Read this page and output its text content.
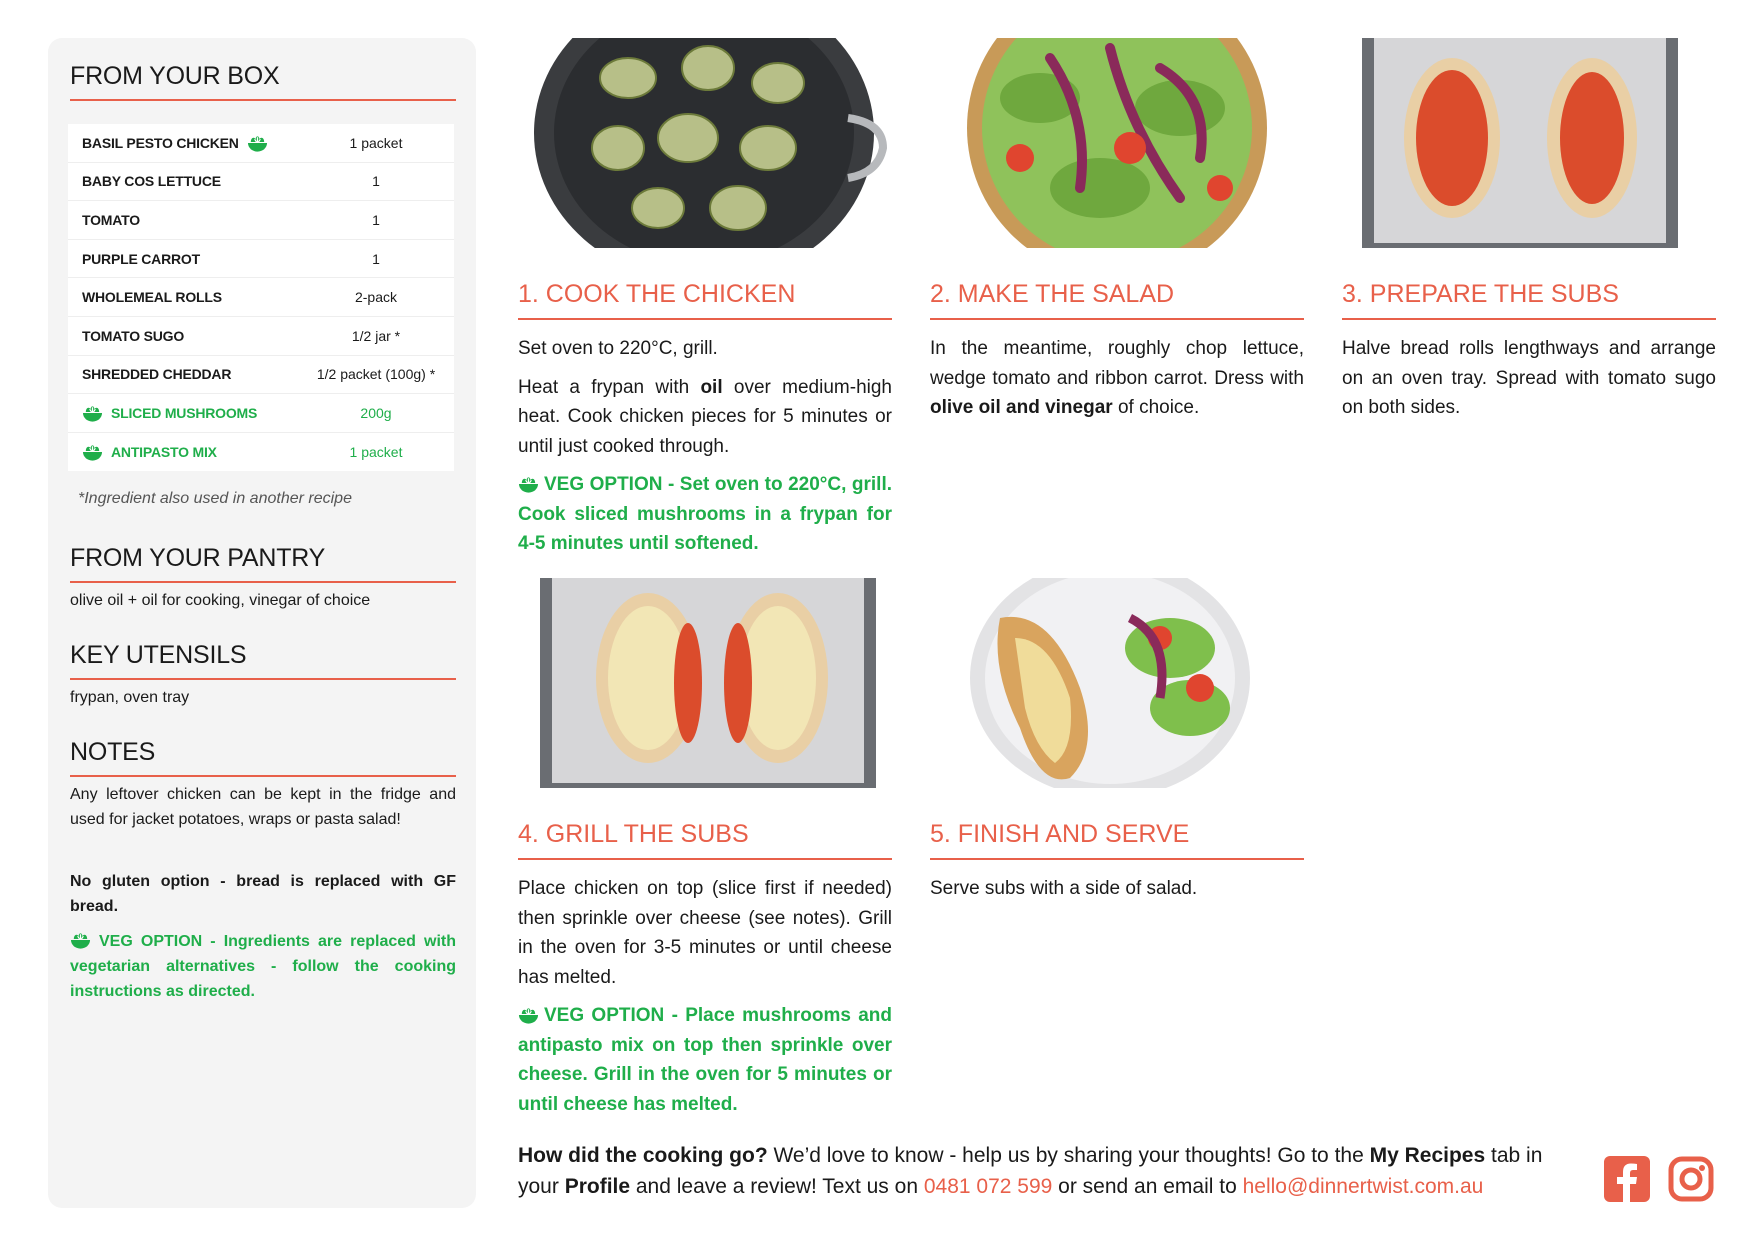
FROM YOUR BOX
BASIL PESTO CHICKEN	1 packet
BABY COS LETTUCE	1
TOMATO	1
PURPLE CARROT	1
WHOLEMEAL ROLLS	2-pack
TOMATO SUGO	1/2 jar *
SHREDDED CHEDDAR	1/2 packet (100g) *
SLICED MUSHROOMS	200g
ANTIPASTO MIX	1 packet
*Ingredient also used in another recipe
FROM YOUR PANTRY
olive oil + oil for cooking, vinegar of choice
KEY UTENSILS
frypan, oven tray
NOTES
Any leftover chicken can be kept in the fridge and used for jacket potatoes, wraps or pasta salad!
No gluten option - bread is replaced with GF bread.
VEG OPTION - Ingredients are replaced with vegetarian alternatives - follow the cooking instructions as directed.
1. COOK THE CHICKEN

Set oven to 220°C, grill.

Heat a frypan with oil over medium-high heat. Cook chicken pieces for 5 minutes or until just cooked through.

VEG OPTION - Set oven to 220°C, grill. Cook sliced mushrooms in a frypan for 4-5 minutes until softened.

2. MAKE THE SALAD

In the meantime, roughly chop lettuce, wedge tomato and ribbon carrot. Dress with olive oil and vinegar of choice.

3. PREPARE THE SUBS

Halve bread rolls lengthways and arrange on an oven tray. Spread with tomato sugo on both sides.

4. GRILL THE SUBS

Place chicken on top (slice first if needed) then sprinkle over cheese (see notes). Grill in the oven for 3-5 minutes or until cheese has melted.

VEG OPTION - Place mushrooms and antipasto mix on top then sprinkle over cheese. Grill in the oven for 5 minutes or until cheese has melted.

5. FINISH AND SERVE

Serve subs with a side of salad.

How did the cooking go? We’d love to know - help us by sharing your thoughts! Go to the My Recipes tab in your Profile and leave a review! Text us on 0481 072 599 or send an email to hello@dinnertwist.com.au
